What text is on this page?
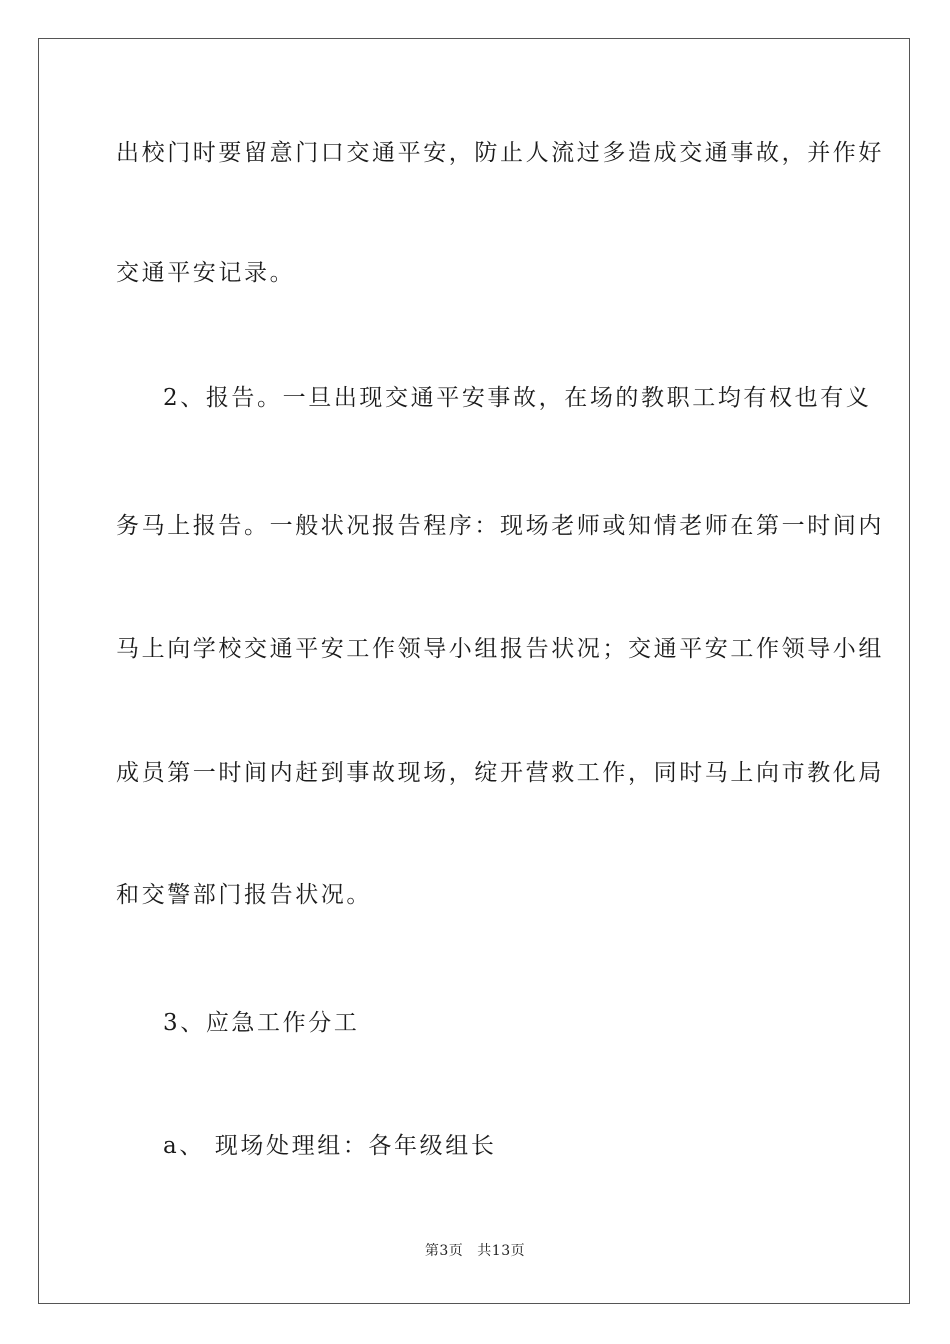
出校门时要留意门口交通平安，防止人流过多造成交通事故，并作好
交通平安记录。
2、报告。一旦出现交通平安事故，在场的教职工均有权也有义
务马上报告。一般状况报告程序：现场老师或知情老师在第一时间内
马上向学校交通平安工作领导小组报告状况；交通平安工作领导小组
成员第一时间内赶到事故现场，绽开营救工作，同时马上向市教化局
和交警部门报告状况。
3、应急工作分工
a、 现场处理组：各年级组长
第3页 共13页
